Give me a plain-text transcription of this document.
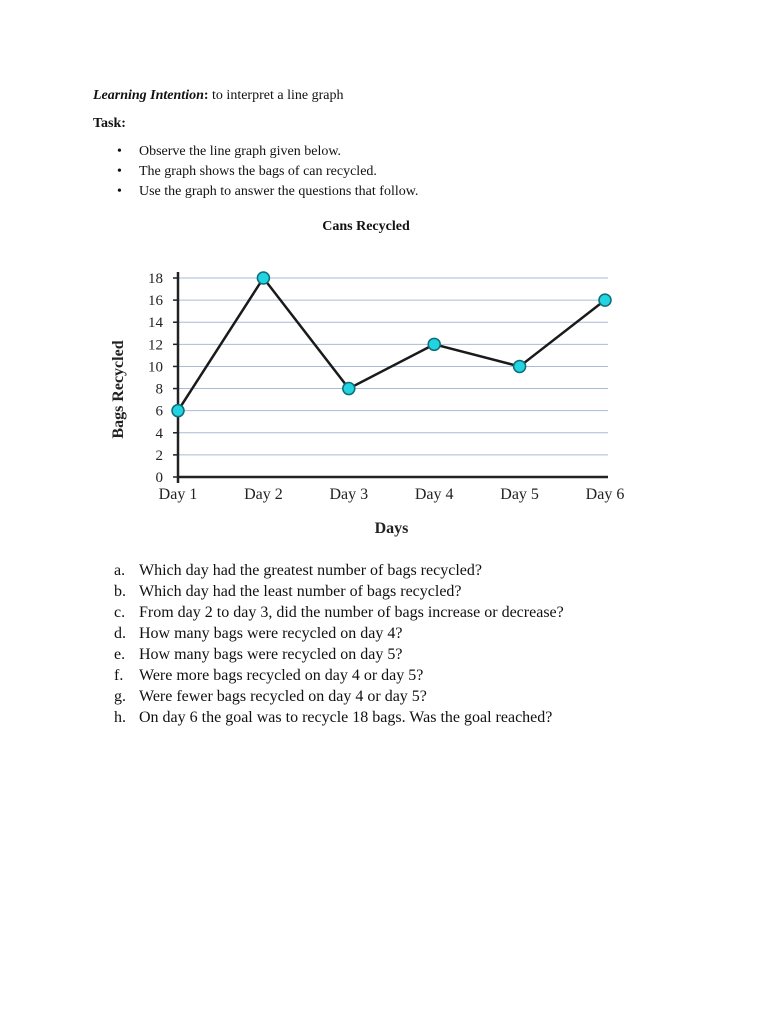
Learning Intention: to interpret a line graph
Task:
• Observe the line graph given below.
• The graph shows the bags of can recycled.
• Use the graph to answer the questions that follow.
Cans Recycled
0
2
4
6
8
10
12
14
16
18
Day 1	Day 2	Day 3	Day 4	Day 5	Day 6
Days
Bags Recycled
a. Which day had the greatest number of bags recycled?
b. Which day had the least number of bags recycled?
c. From day 2 to day 3, did the number of bags increase or decrease?
d. How many bags were recycled on day 4?
e. How many bags were recycled on day 5?
f. Were more bags recycled on day 4 or day 5?
g. Were fewer bags recycled on day 4 or day 5?
h. On day 6 the goal was to recycle 18 bags. Was the goal reached?
